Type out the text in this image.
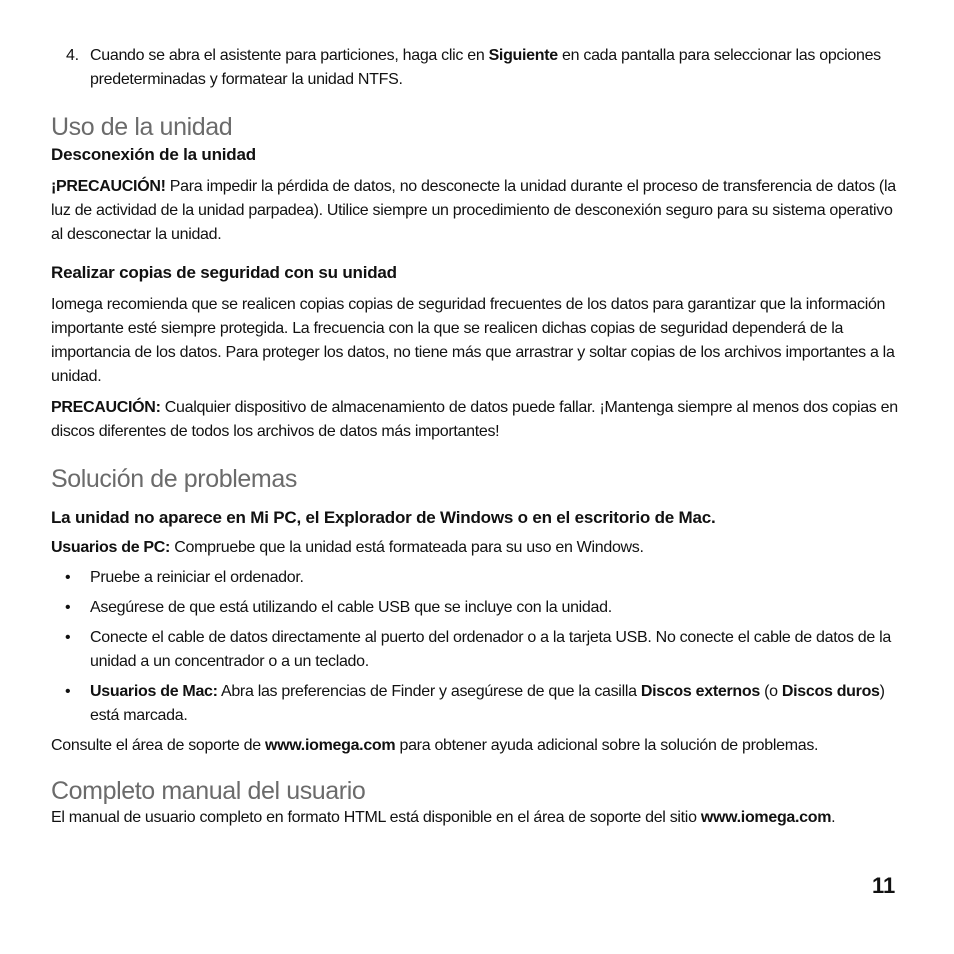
4. Cuando se abra el asistente para particiones, haga clic en Siguiente en cada pantalla para seleccionar las opciones predeterminadas y formatear la unidad NTFS.

Uso de la unidad
Desconexión de la unidad

¡PRECAUCIÓN! Para impedir la pérdida de datos, no desconecte la unidad durante el proceso de transferencia de datos (la luz de actividad de la unidad parpadea). Utilice siempre un procedimiento de desconexión seguro para su sistema operativo al desconectar la unidad.

Realizar copias de seguridad con su unidad

Iomega recomienda que se realicen copias copias de seguridad frecuentes de los datos para garantizar que la información importante esté siempre protegida. La frecuencia con la que se realicen dichas copias de seguridad dependerá de la importancia de los datos. Para proteger los datos, no tiene más que arrastrar y soltar copias de los archivos importantes a la unidad.

PRECAUCIÓN: Cualquier dispositivo de almacenamiento de datos puede fallar. ¡Mantenga siempre al menos dos copias en discos diferentes de todos los archivos de datos más importantes!

Solución de problemas
La unidad no aparece en Mi PC, el Explorador de Windows o en el escritorio de Mac.

Usuarios de PC: Compruebe que la unidad está formateada para su uso en Windows.

• Pruebe a reiniciar el ordenador.
• Asegúrese de que está utilizando el cable USB que se incluye con la unidad.
• Conecte el cable de datos directamente al puerto del ordenador o a la tarjeta USB. No conecte el cable de datos de la unidad a un concentrador o a un teclado.
• Usuarios de Mac: Abra las preferencias de Finder y asegúrese de que la casilla Discos externos (o Discos duros) está marcada.

Consulte el área de soporte de www.iomega.com para obtener ayuda adicional sobre la solución de problemas.

Completo manual del usuario

El manual de usuario completo en formato HTML está disponible en el área de soporte del sitio www.iomega.com.

11
